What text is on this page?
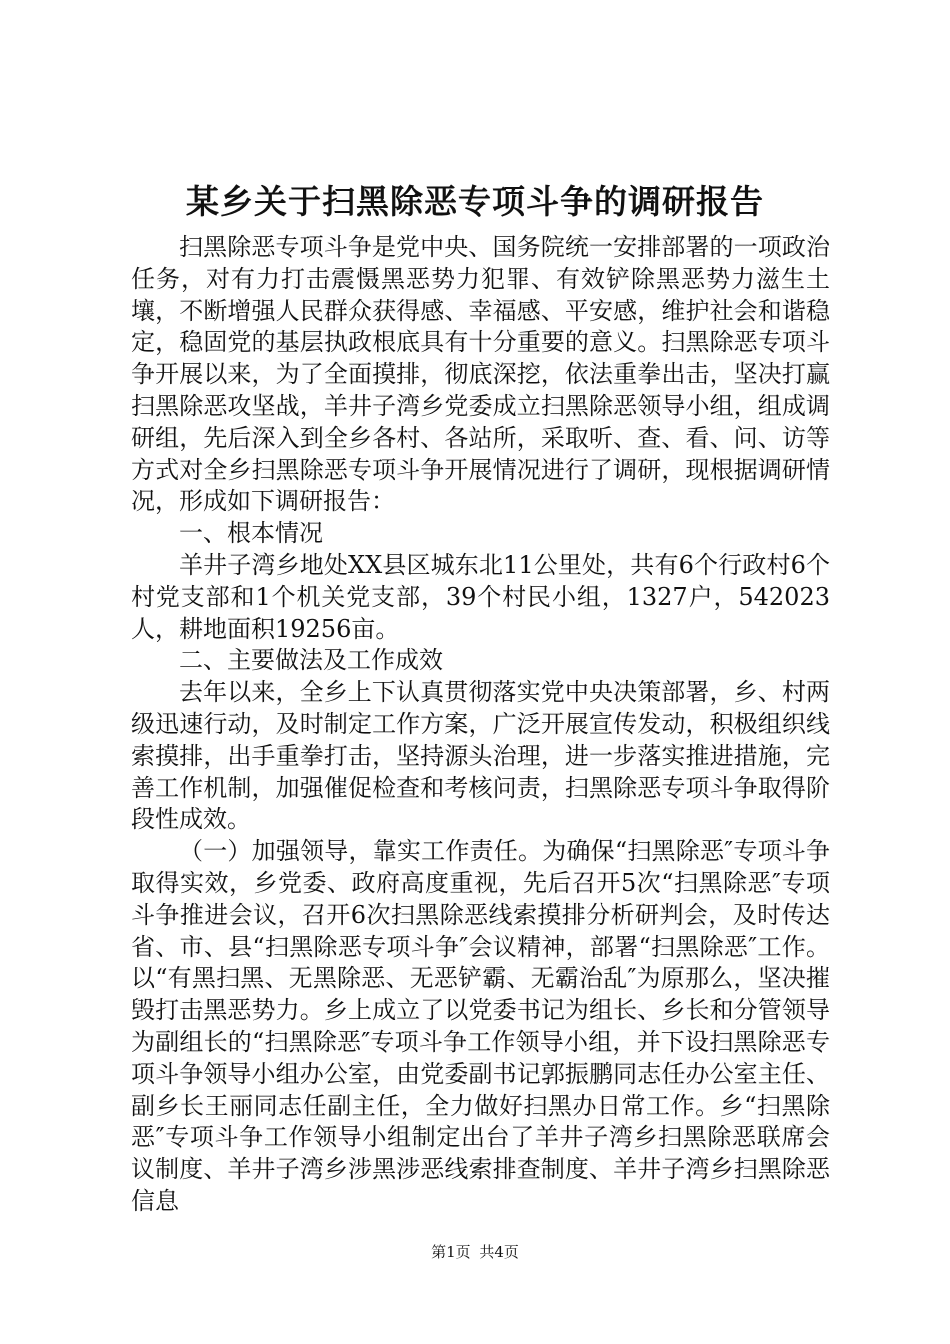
某乡关于扫黑除恶专项斗争的调研报告

扫黑除恶专项斗争是党中央、国务院统一安排部署的一项政治任务，对有力打击震慑黑恶势力犯罪、有效铲除黑恶势力滋生土壤，不断增强人民群众获得感、幸福感、平安感，维护社会和谐稳定，稳固党的基层执政根底具有十分重要的意义。扫黑除恶专项斗争开展以来，为了全面摸排，彻底深挖，依法重拳出击，坚决打赢扫黑除恶攻坚战，羊井子湾乡党委成立扫黑除恶领导小组，组成调研组，先后深入到全乡各村、各站所，采取听、查、看、问、访等方式对全乡扫黑除恶专项斗争开展情况进行了调研，现根据调研情况，形成如下调研报告：

一、根本情况

羊井子湾乡地处XX县区城东北11公里处，共有6个行政村6个村党支部和1个机关党支部，39个村民小组，1327户，542023人，耕地面积19256亩。

二、主要做法及工作成效

去年以来，全乡上下认真贯彻落实党中央决策部署，乡、村两级迅速行动，及时制定工作方案，广泛开展宣传发动，积极组织线索摸排，出手重拳打击，坚持源头治理，进一步落实推进措施，完善工作机制，加强催促检查和考核问责，扫黑除恶专项斗争取得阶段性成效。

（一）加强领导，靠实工作责任。为确保“扫黑除恶″专项斗争取得实效，乡党委、政府高度重视，先后召开5次“扫黑除恶″专项斗争推进会议，召开6次扫黑除恶线索摸排分析研判会，及时传达省、市、县“扫黑除恶专项斗争″会议精神，部署“扫黑除恶″工作。以“有黑扫黑、无黑除恶、无恶铲霸、无霸治乱″为原那么，坚决摧毁打击黑恶势力。乡上成立了以党委书记为组长、乡长和分管领导为副组长的“扫黑除恶″专项斗争工作领导小组，并下设扫黑除恶专项斗争领导小组办公室，由党委副书记郭振鹏同志任办公室主任、副乡长王丽同志任副主任，全力做好扫黑办日常工作。乡“扫黑除恶″专项斗争工作领导小组制定出台了羊井子湾乡扫黑除恶联席会议制度、羊井子湾乡涉黑涉恶线索排查制度、羊井子湾乡扫黑除恶信息

第1页 共4页
